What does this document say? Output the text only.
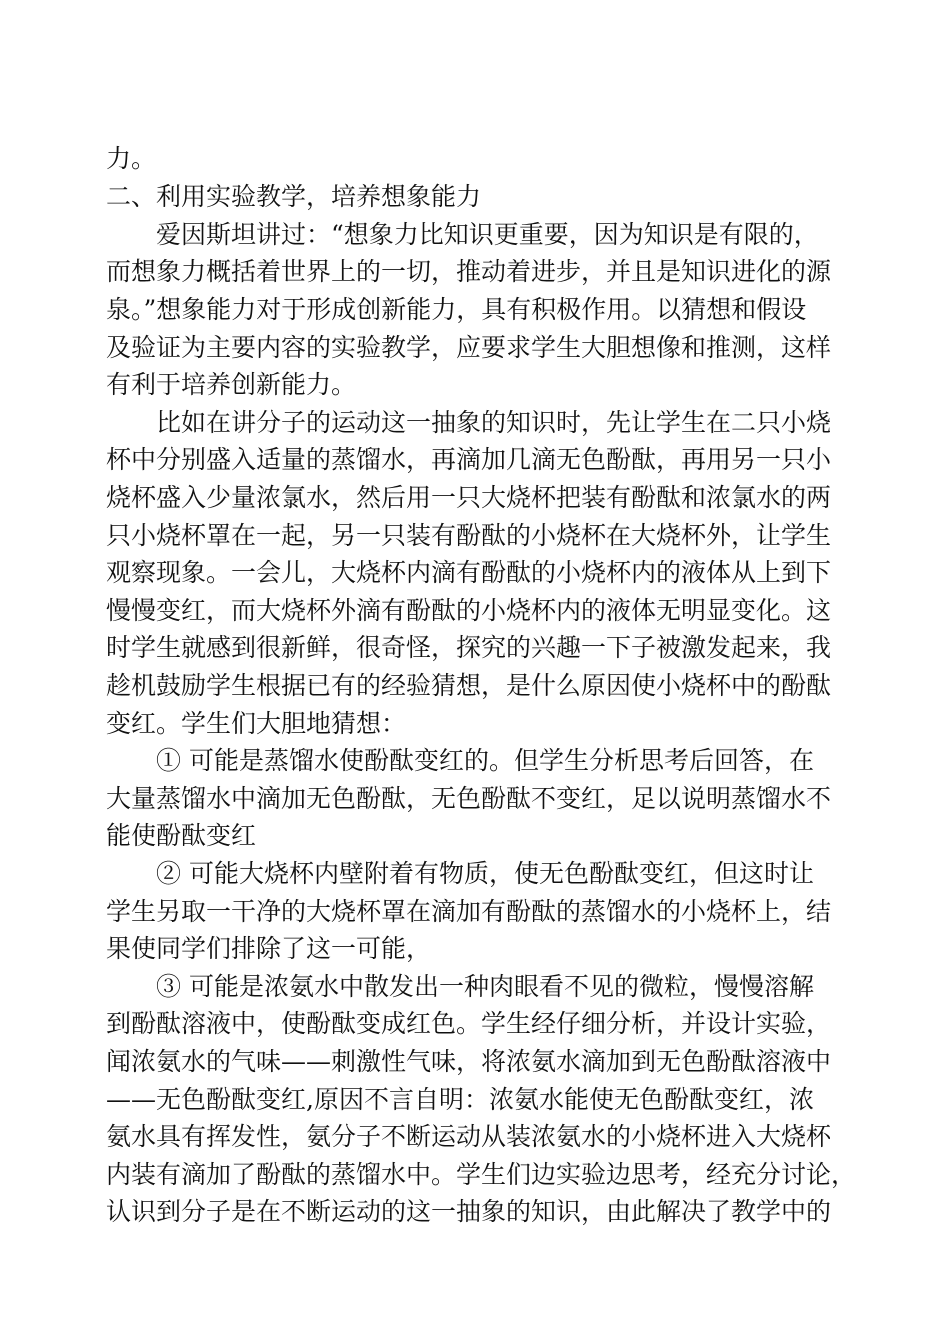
力。

二、利用实验教学，培养想象能力

　　爱因斯坦讲过：“想象力比知识更重要，因为知识是有限的，

而想象力概括着世界上的一切，推动着进步，并且是知识进化的源

泉。”想象能力对于形成创新能力，具有积极作用。以猜想和假设

及验证为主要内容的实验教学，应要求学生大胆想像和推测，这样

有利于培养创新能力。

　　比如在讲分子的运动这一抽象的知识时，先让学生在二只小烧

杯中分别盛入适量的蒸馏水，再滴加几滴无色酚酞，再用另一只小

烧杯盛入少量浓氯水，然后用一只大烧杯把装有酚酞和浓氯水的两

只小烧杯罩在一起，另一只装有酚酞的小烧杯在大烧杯外，让学生

观察现象。一会儿，大烧杯内滴有酚酞的小烧杯内的液体从上到下

慢慢变红，而大烧杯外滴有酚酞的小烧杯内的液体无明显变化。这

时学生就感到很新鲜，很奇怪，探究的兴趣一下子被激发起来，我

趁机鼓励学生根据已有的经验猜想，是什么原因使小烧杯中的酚酞

变红。学生们大胆地猜想：

　　① 可能是蒸馏水使酚酞变红的。但学生分析思考后回答，在

大量蒸馏水中滴加无色酚酞，无色酚酞不变红，足以说明蒸馏水不

能使酚酞变红

　　② 可能大烧杯内壁附着有物质，使无色酚酞变红，但这时让

学生另取一干净的大烧杯罩在滴加有酚酞的蒸馏水的小烧杯上，结

果使同学们排除了这一可能，

　　③ 可能是浓氨水中散发出一种肉眼看不见的微粒，慢慢溶解

到酚酞溶液中，使酚酞变成红色。学生经仔细分析，并设计实验，

闻浓氨水的气味——刺激性气味，将浓氨水滴加到无色酚酞溶液中

——无色酚酞变红,原因不言自明：浓氨水能使无色酚酞变红，浓

氨水具有挥发性，氨分子不断运动从装浓氨水的小烧杯进入大烧杯

内装有滴加了酚酞的蒸馏水中。学生们边实验边思考，经充分讨论，

认识到分子是在不断运动的这一抽象的知识，由此解决了教学中的
